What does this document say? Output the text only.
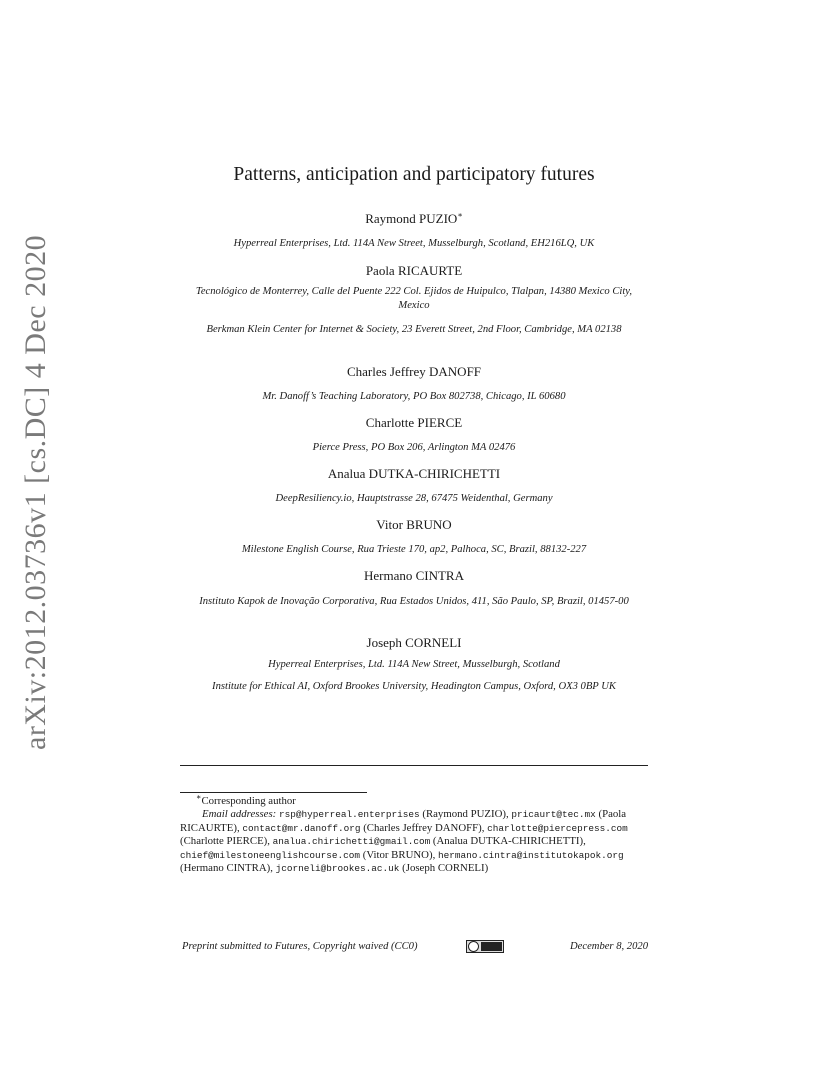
arXiv:2012.03736v1 [cs.DC] 4 Dec 2020
Patterns, anticipation and participatory futures
Raymond PUZIO∗
Hyperreal Enterprises, Ltd. 114A New Street, Musselburgh, Scotland, EH216LQ, UK
Paola RICAURTE
Tecnológico de Monterrey, Calle del Puente 222 Col. Ejidos de Huipulco, Tlalpan, 14380 Mexico City, Mexico
Berkman Klein Center for Internet & Society, 23 Everett Street, 2nd Floor, Cambridge, MA 02138
Charles Jeffrey DANOFF
Mr. Danoff’s Teaching Laboratory, PO Box 802738, Chicago, IL 60680
Charlotte PIERCE
Pierce Press, PO Box 206, Arlington MA 02476
Analua DUTKA-CHIRICHETTI
DeepResiliency.io, Hauptstrasse 28, 67475 Weidenthal, Germany
Vitor BRUNO
Milestone English Course, Rua Trieste 170, ap2, Palhoca, SC, Brazil, 88132-227
Hermano CINTRA
Instituto Kapok de Inovação Corporativa, Rua Estados Unidos, 411, São Paulo, SP, Brazil, 01457-00
Joseph CORNELI
Hyperreal Enterprises, Ltd. 114A New Street, Musselburgh, Scotland
Institute for Ethical AI, Oxford Brookes University, Headington Campus, Oxford, OX3 0BP UK
∗Corresponding author
Email addresses: rsp@hyperreal.enterprises (Raymond PUZIO), pricaurt@tec.mx (Paola RICAURTE), contact@mr.danoff.org (Charles Jeffrey DANOFF), charlotte@piercepress.com (Charlotte PIERCE), analua.chirichetti@gmail.com (Analua DUTKA-CHIRICHETTI), chief@milestoneenglishcourse.com (Vitor BRUNO), hermano.cintra@institutokapok.org (Hermano CINTRA), jcorneli@brookes.ac.uk (Joseph CORNELI)
Preprint submitted to Futures, Copyright waived (CC0)	December 8, 2020
